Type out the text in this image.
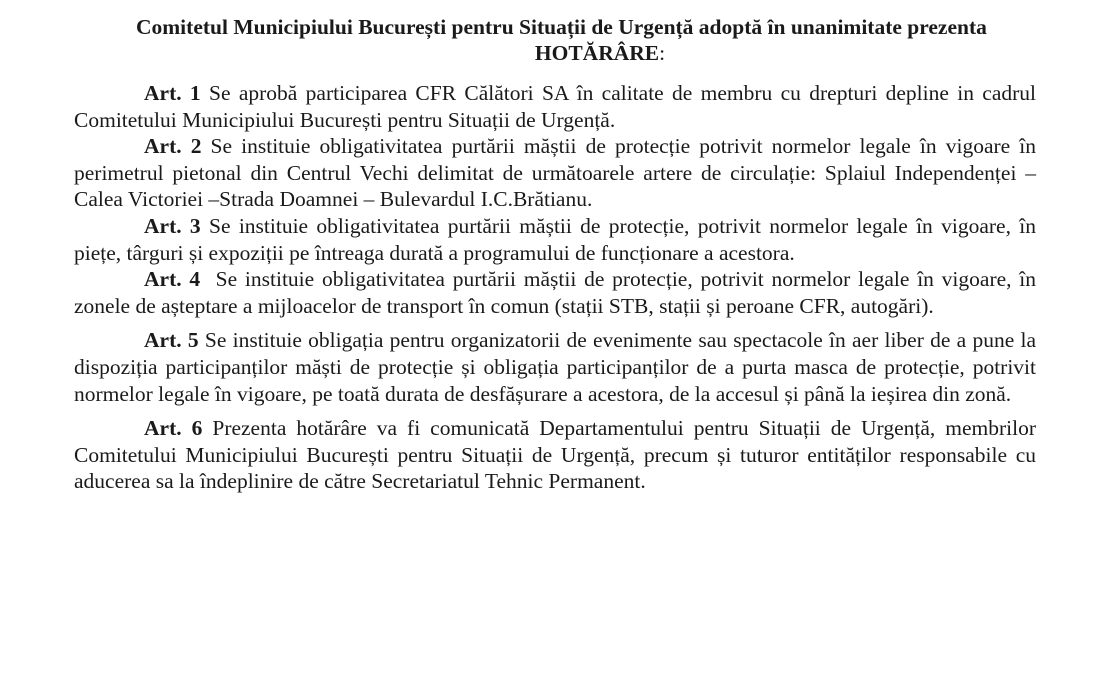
Comitetul Municipiului București pentru Situații de Urgență adoptă în unanimitate prezenta

HOTĂRÂRE:

Art. 1 Se aprobă participarea CFR Călători SA în calitate de membru cu drepturi depline in cadrul Comitetului Municipiului București pentru Situații de Urgență.

Art. 2 Se instituie obligativitatea purtării măștii de protecție potrivit normelor legale în vigoare în perimetrul pietonal din Centrul Vechi delimitat de următoarele artere de circulație: Splaiul Independenței – Calea Victoriei –Strada Doamnei – Bulevardul I.C.Brătianu.

Art. 3 Se instituie obligativitatea purtării măștii de protecție, potrivit normelor legale în vigoare, în piețe, târguri și expoziții pe întreaga durată a programului de funcționare a acestora.

Art. 4 Se instituie obligativitatea purtării măștii de protecție, potrivit normelor legale în vigoare, în zonele de așteptare a mijloacelor de transport în comun (stații STB, stații și peroane CFR, autogări).

Art. 5 Se instituie obligația pentru organizatorii de evenimente sau spectacole în aer liber de a pune la dispoziția participanților măști de protecție și obligația participanților de a purta masca de protecție, potrivit normelor legale în vigoare, pe toată durata de desfășurare a acestora, de la accesul și până la ieșirea din zonă.

Art. 6 Prezenta hotărâre va fi comunicată Departamentului pentru Situații de Urgență, membrilor Comitetului Municipiului București pentru Situații de Urgență, precum și tuturor entităților responsabile cu aducerea sa la îndeplinire de către Secretariatul Tehnic Permanent.
